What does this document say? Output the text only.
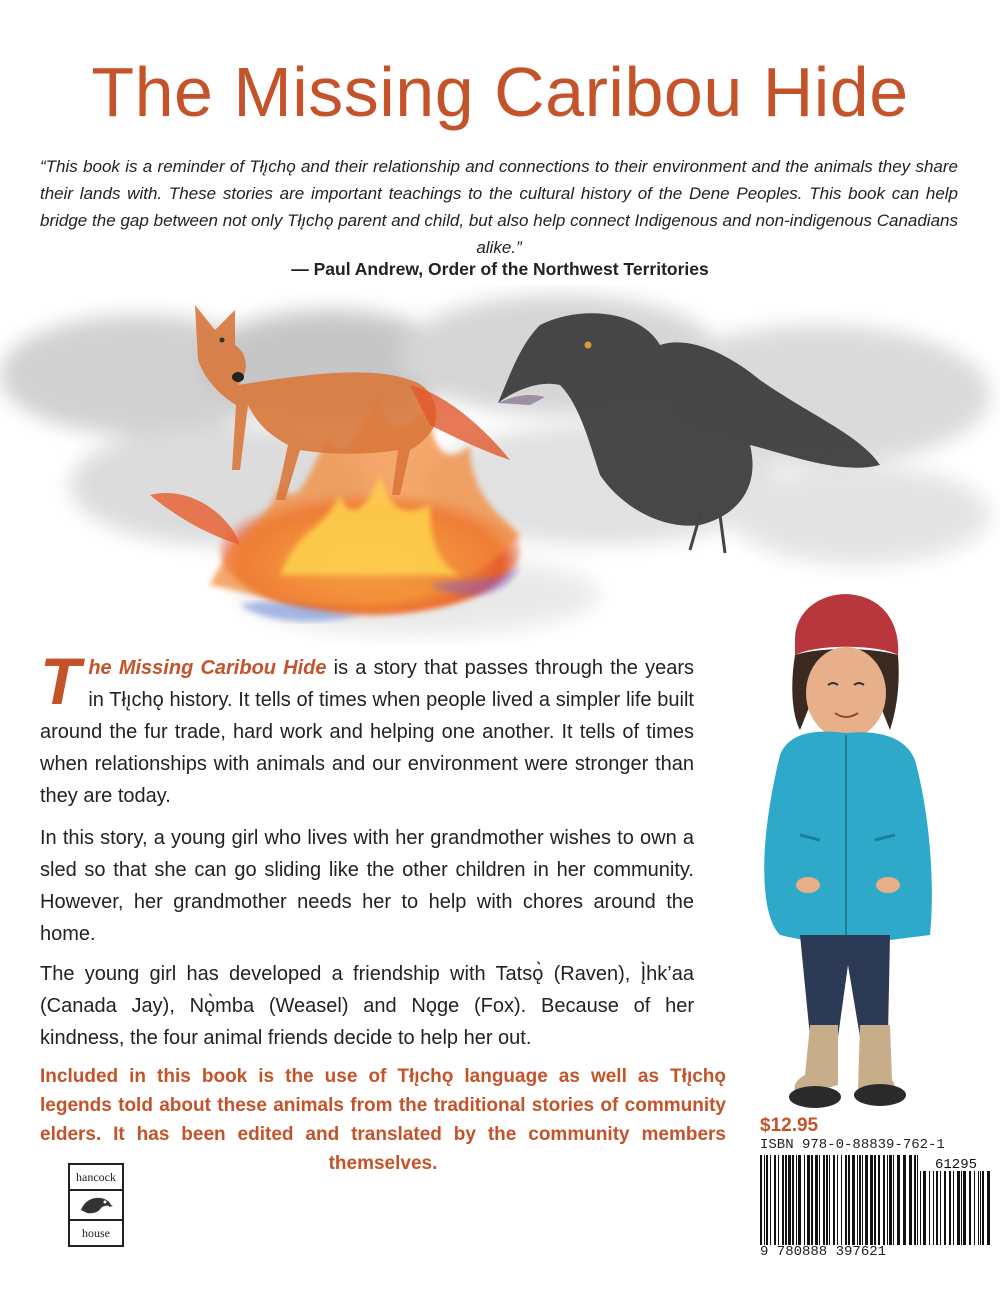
The Missing Caribou Hide

“This book is a reminder of Tłı̨chǫ and their relationship and connections to their environment and the animals they share their lands with. These stories are important teachings to the cultural history of the Dene Peoples. This book can help bridge the gap between not only Tłı̨chǫ parent and child, but also help connect Indigenous and non-indigenous Canadians alike.”

— Paul Andrew, Order of the Northwest Territories

The Missing Caribou Hide is a story that passes through the years in Tłı̨chǫ history. It tells of times when people lived a simpler life built around the fur trade, hard work and helping one another. It tells of times when relationships with animals and our environment were stronger than they are today.

In this story, a young girl who lives with her grandmother wishes to own a sled so that she can go sliding like the other children in her community. However, her grandmother needs her to help with chores around the home.

The young girl has developed a friendship with Tatsǫ̀ (Raven), Į̀hk’aa (Canada Jay), Nǫ̀mba (Weasel) and Nǫge (Fox). Because of her kindness, the four animal friends decide to help her out.

Included in this book is the use of Tłı̨chǫ language as well as Tłı̨chǫ legends told about these animals from the traditional stories of community elders. It has been edited and translated by the community members themselves.

hancock
house
$12.95
ISBN 978-0-88839-762-1
61295
9 780888 397621
